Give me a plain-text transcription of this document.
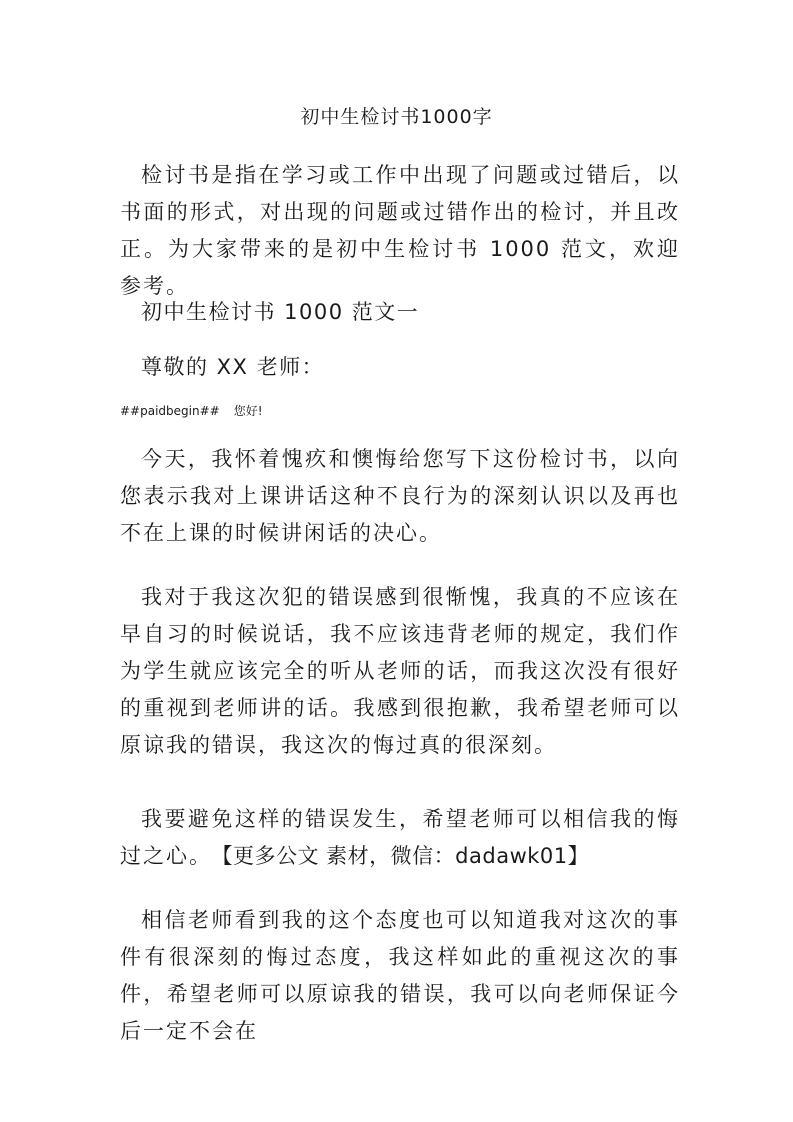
初中生检讨书1000字

检讨书是指在学习或工作中出现了问题或过错后，以书面的形式，对出现的问题或过错作出的检讨，并且改正。为大家带来的是初中生检讨书 1000 范文，欢迎参考。

初中生检讨书 1000 范文一
尊敬的 XX 老师：
##paidbegin## 您好!

今天，我怀着愧疚和懊悔给您写下这份检讨书，以向您表示我对上课讲话这种不良行为的深刻认识以及再也不在上课的时候讲闲话的决心。

我对于我这次犯的错误感到很惭愧，我真的不应该在早自习的时候说话，我不应该违背老师的规定，我们作为学生就应该完全的听从老师的话，而我这次没有很好的重视到老师讲的话。我感到很抱歉，我希望老师可以原谅我的错误，我这次的悔过真的很深刻。

我要避免这样的错误发生，希望老师可以相信我的悔过之心。 【更多公文 素材，微信：dadawk01】

相信老师看到我的这个态度也可以知道我对这次的事件有很深刻的悔过态度，我这样如此的重视这次的事件，希望老师可以原谅我的错误，我可以向老师保证今后一定不会在
